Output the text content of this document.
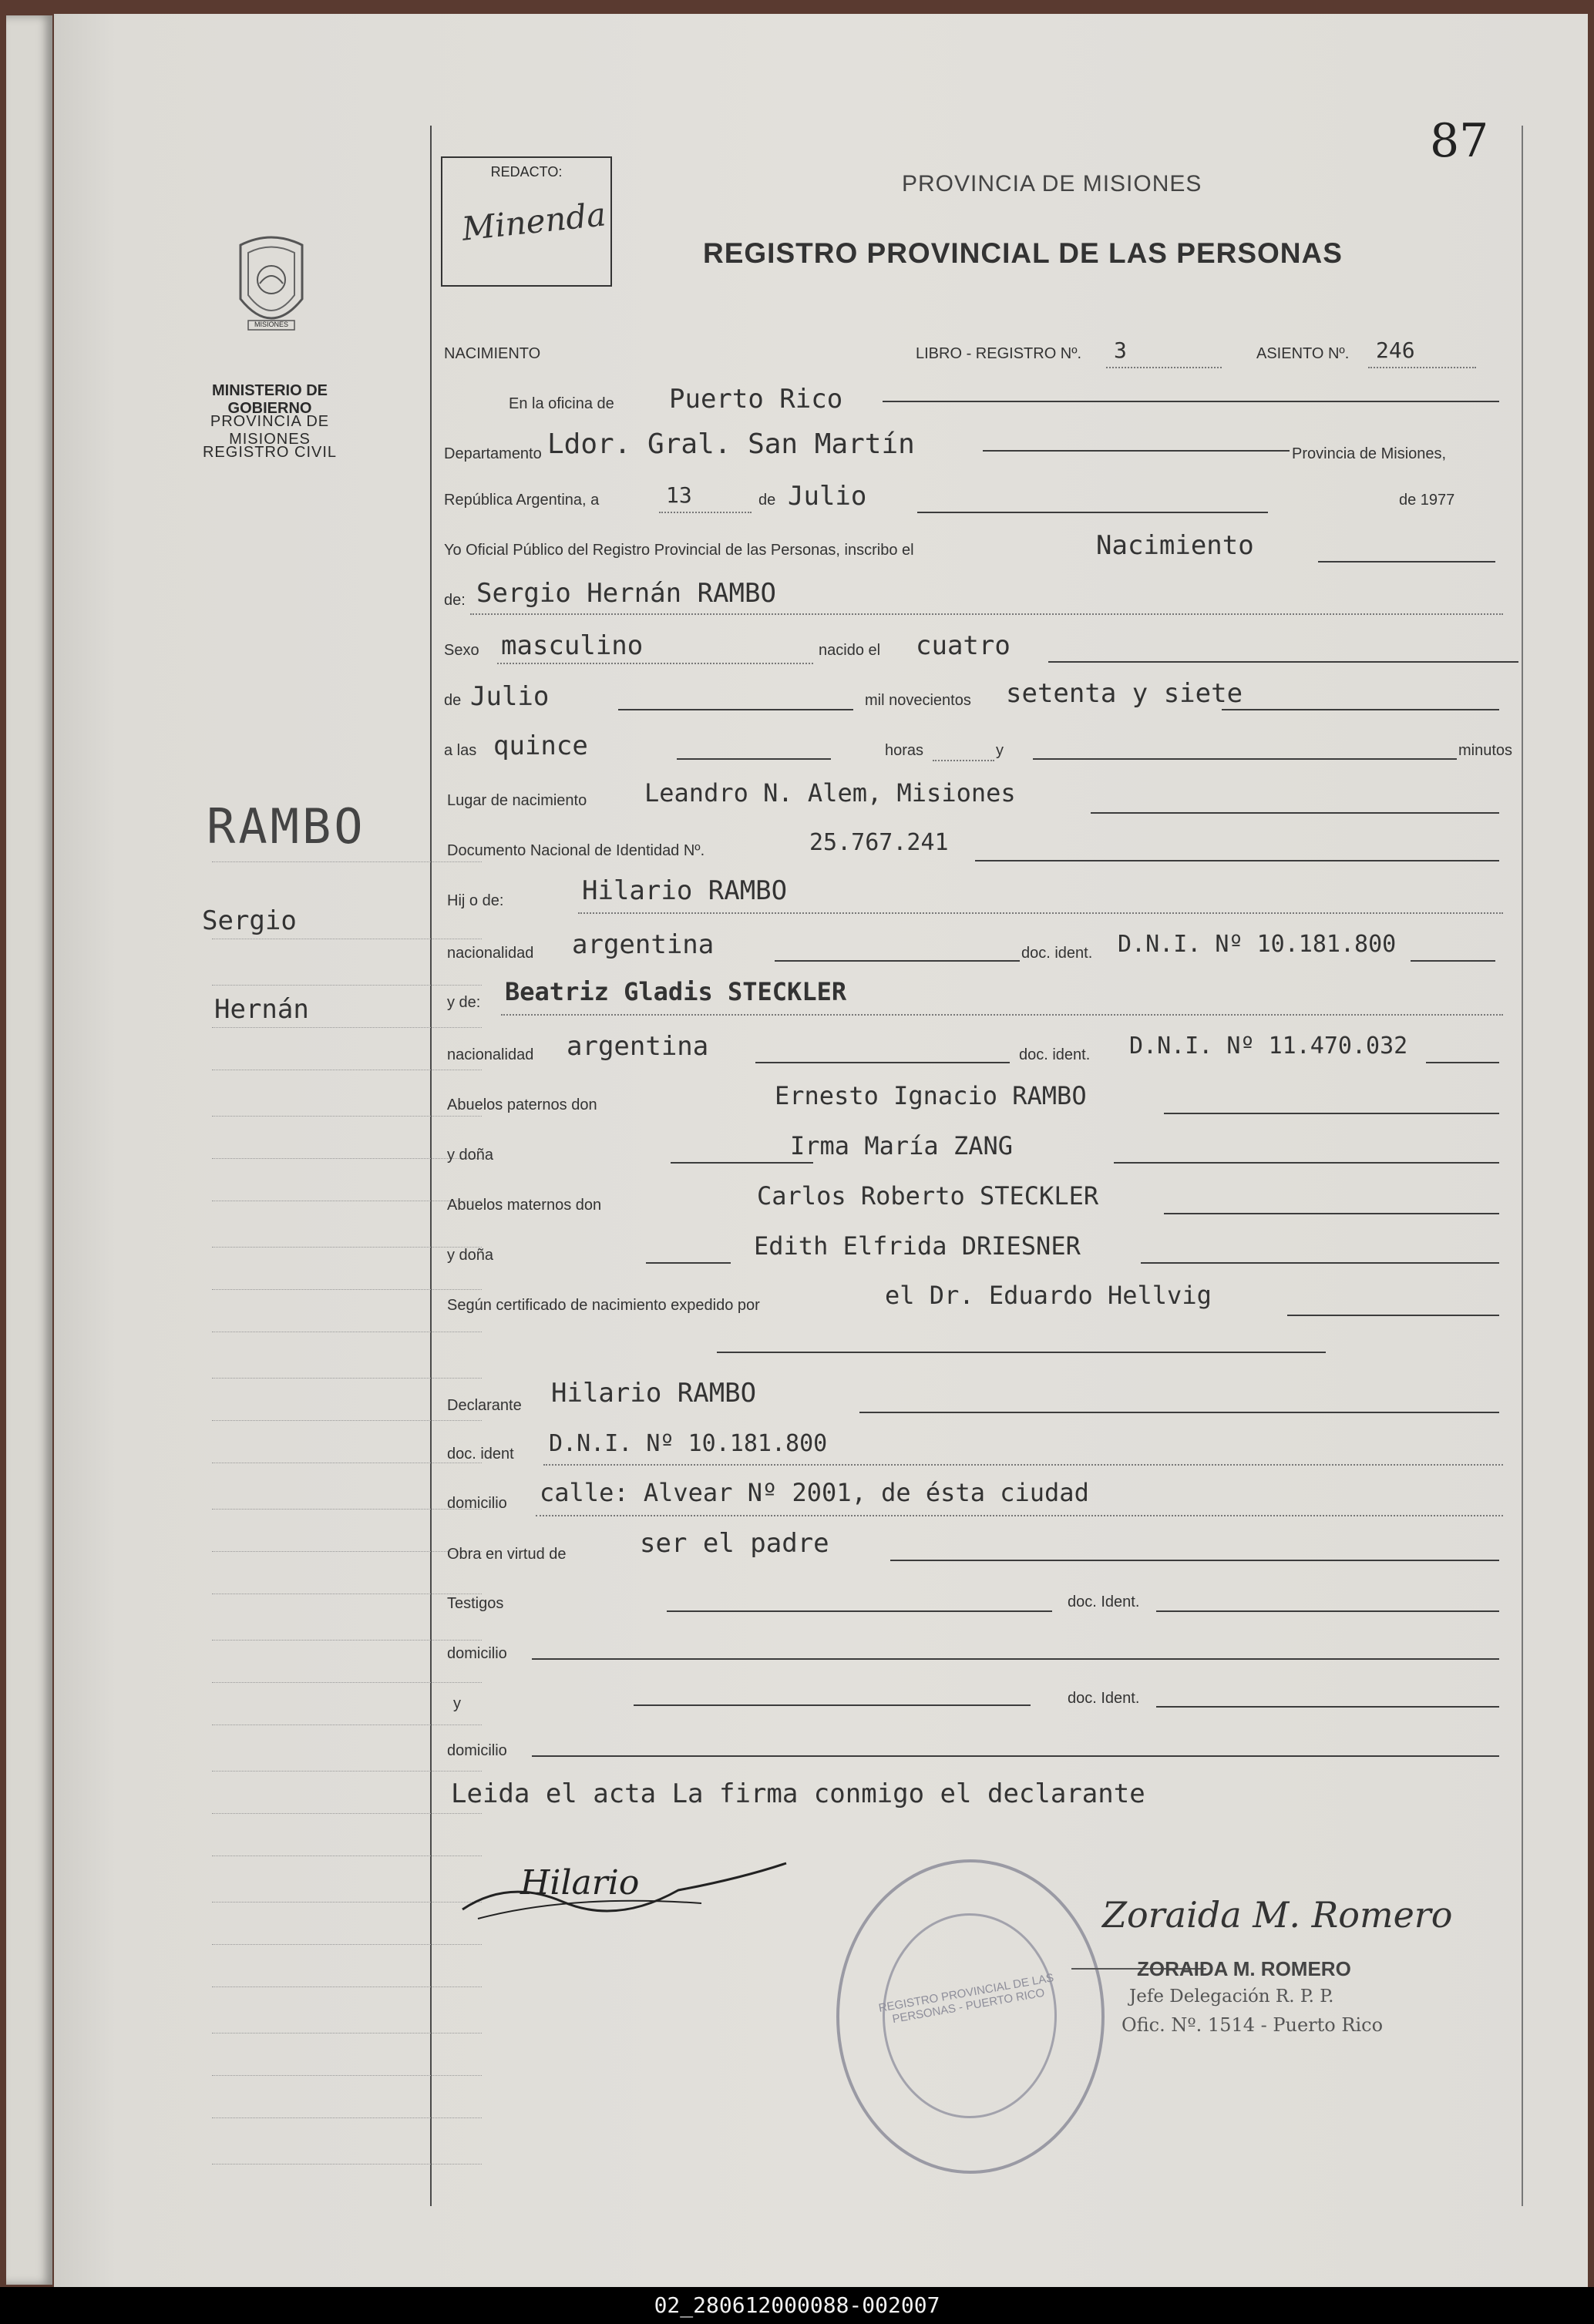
87
REDACTO:
Minenda
PROVINCIA DE MISIONES
REGISTRO PROVINCIAL DE LAS PERSONAS
MISIONES
MINISTERIO DE GOBIERNO
PROVINCIA DE MISIONES
REGISTRO CIVIL
RAMBO
Sergio
Hernán
NACIMIENTO	LIBRO - REGISTRO Nº. 3	ASIENTO Nº. 246
En la oficina de Puerto Rico
Departamento Ldor. Gral. San Martín	Provincia de Misiones,
República Argentina, a	13	de Julio	de 1977
Yo Oficial Público del Registro Provincial de las Personas, inscribo el	Nacimiento
de: Sergio Hernán RAMBO
Sexo masculino	nacido el cuatro
de Julio	mil novecientos setenta y siete
a las quince	horas	y	minutos
Lugar de nacimiento Leandro N. Alem, Misiones
Documento Nacional de Identidad Nº.	25.767.241
Hij o de:	Hilario RAMBO
nacionalidad argentina	doc. ident. D.N.I. Nº 10.181.800
y de: Beatriz Gladis STECKLER
nacionalidad argentina	doc. ident. D.N.I. Nº 11.470.032
Abuelos paternos don	Ernesto Ignacio RAMBO
y doña	Irma María ZANG
Abuelos maternos don	Carlos Roberto STECKLER
y doña	Edith Elfrida DRIESNER
Según certificado de nacimiento expedido por	el Dr. Eduardo Hellvig
Declarante Hilario RAMBO
doc. ident D.N.I. Nº 10.181.800
domicilio calle: Alvear Nº 2001, de ésta ciudad
Obra en virtud de	ser el padre
Testigos	doc. Ident.
domicilio
y	doc. Ident.
domicilio
Leida el acta La firma conmigo el declarante
Hilario
REGISTRO PROVINCIAL DE LAS PERSONAS - PUERTO RICO
Zoraida M. Romero
ZORAIDA M. ROMERO
Jefe Delegación R. P. P.
Ofic. Nº. 1514 - Puerto Rico
02_280612000088-002007
